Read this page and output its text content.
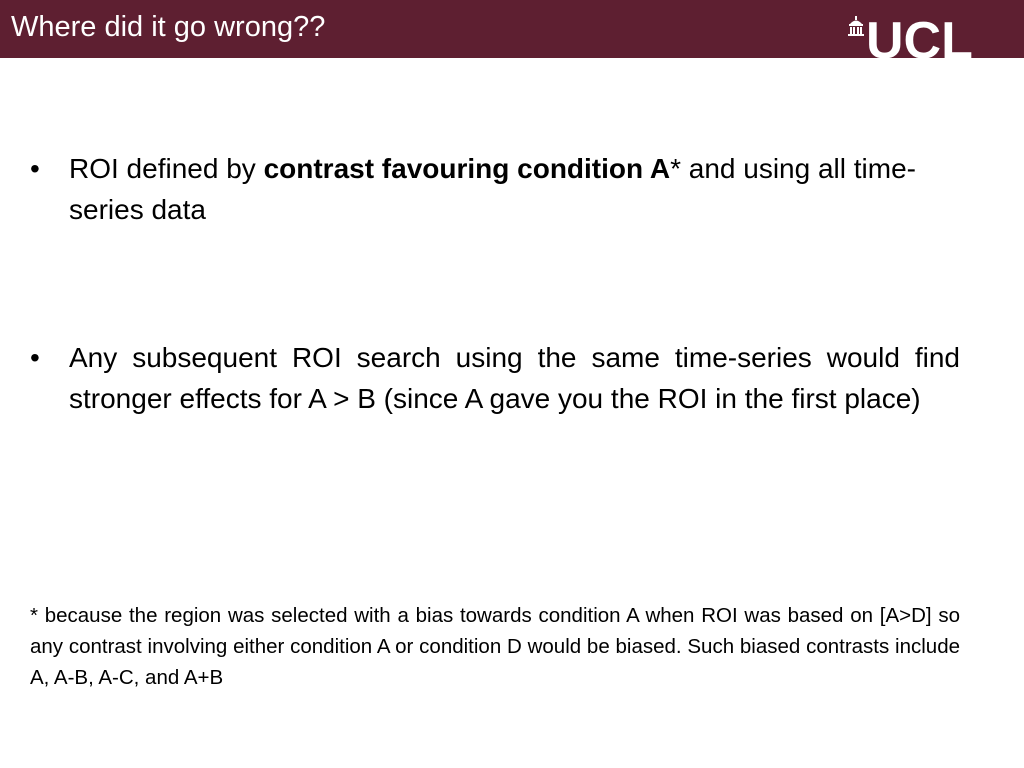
Where did it go wrong??	UCL
• ROI defined by contrast favouring condition A* and using all time-series data
• Any subsequent ROI search using the same time-series would find stronger effects for A > B (since A gave you the ROI in the first place)
* because the region was selected with a bias towards condition A when ROI was based on [A>D] so any contrast involving either condition A or condition D would be biased. Such biased contrasts include A, A-B, A-C, and A+B
